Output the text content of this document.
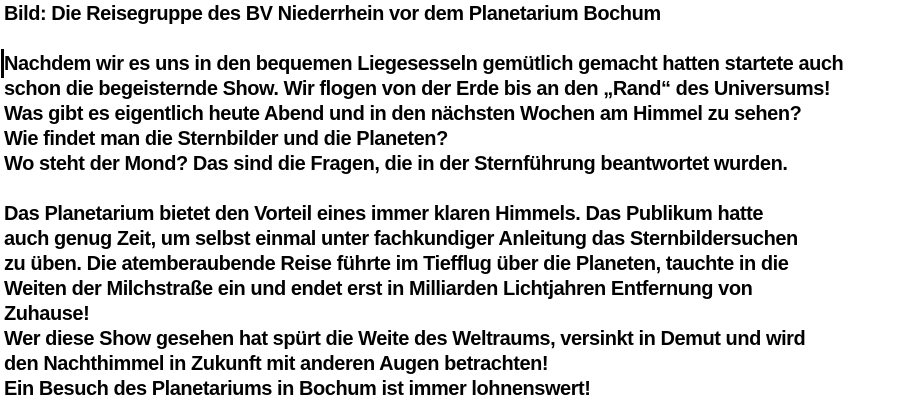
Bild: Die Reisegruppe des BV Niederrhein vor dem Planetarium Bochum
Nachdem wir es uns in den bequemen Liegesesseln gemütlich gemacht hatten startete auch
schon die begeisternde Show. Wir flogen von der Erde bis an den „Rand“ des Universums!
Was gibt es eigentlich heute Abend und in den nächsten Wochen am Himmel zu sehen?
Wie findet man die Sternbilder und die Planeten?
Wo steht der Mond? Das sind die Fragen, die in der Sternführung beantwortet wurden.
Das Planetarium bietet den Vorteil eines immer klaren Himmels. Das Publikum hatte
auch genug Zeit, um selbst einmal unter fachkundiger Anleitung das Sternbildersuchen
zu üben. Die atemberaubende Reise führte im Tiefflug über die Planeten, tauchte in die
Weiten der Milchstraße ein und endet erst in Milliarden Lichtjahren Entfernung von
Zuhause!
Wer diese Show gesehen hat spürt die Weite des Weltraums, versinkt in Demut und wird
den Nachthimmel in Zukunft mit anderen Augen betrachten!
Ein Besuch des Planetariums in Bochum ist immer lohnenswert!
